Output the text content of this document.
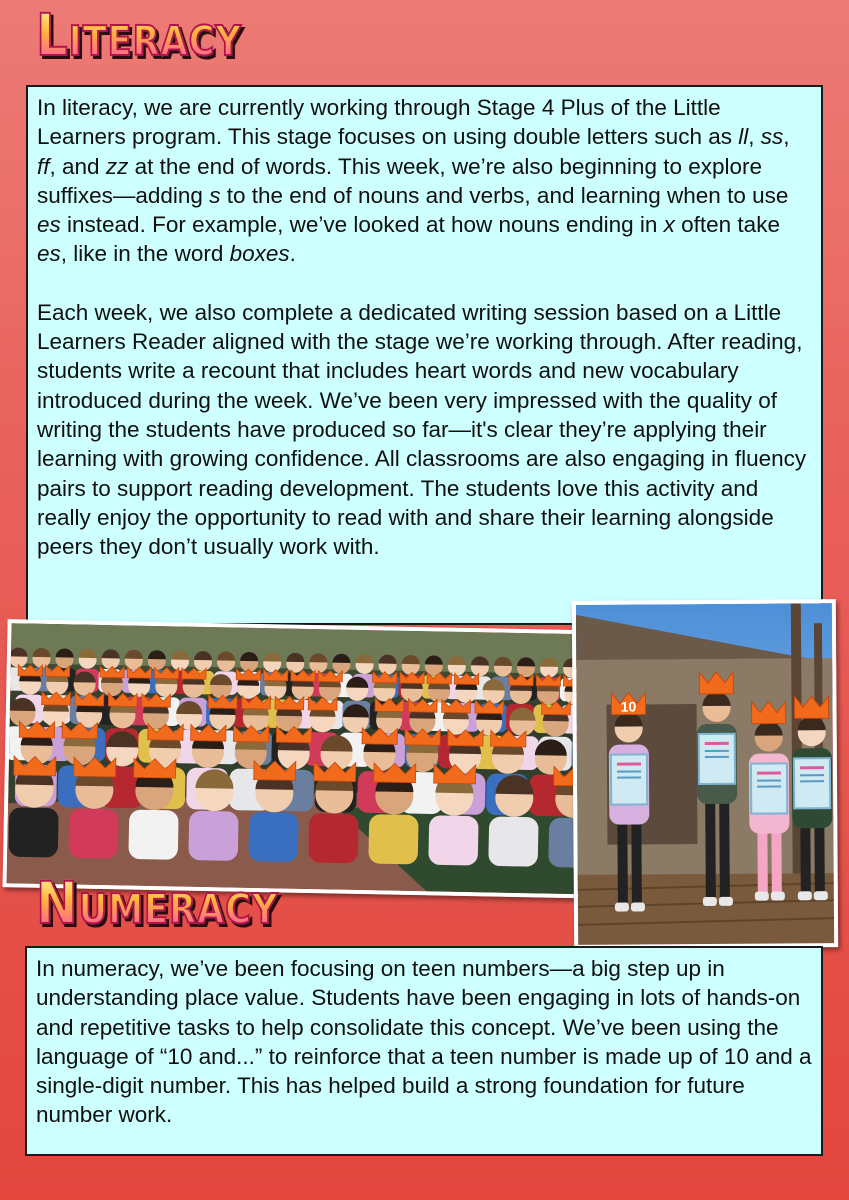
Literacy

In literacy, we are currently working through Stage 4 Plus of the Little Learners program. This stage focuses on using double letters such as ll, ss, ff, and zz at the end of words. This week, we’re also beginning to explore suffixes—adding s to the end of nouns and verbs, and learning when to use es instead. For example, we’ve looked at how nouns ending in x often take es, like in the word boxes.

Each week, we also complete a dedicated writing session based on a Little Learners Reader aligned with the stage we’re working through. After reading, students write a recount that includes heart words and new vocabulary introduced during the week. We’ve been very impressed with the quality of writing the students have produced so far—it's clear they’re applying their learning with growing confidence. All classrooms are also engaging in fluency pairs to support reading development. The students love this activity and really enjoy the opportunity to read with and share their learning alongside peers they don’t usually work with.

10
Numeracy

In numeracy, we’ve been focusing on teen numbers—a big step up in understanding place value. Students have been engaging in lots of hands-on and repetitive tasks to help consolidate this concept. We’ve been using the language of “10 and...” to reinforce that a teen number is made up of 10 and a single-digit number. This has helped build a strong foundation for future number work.
